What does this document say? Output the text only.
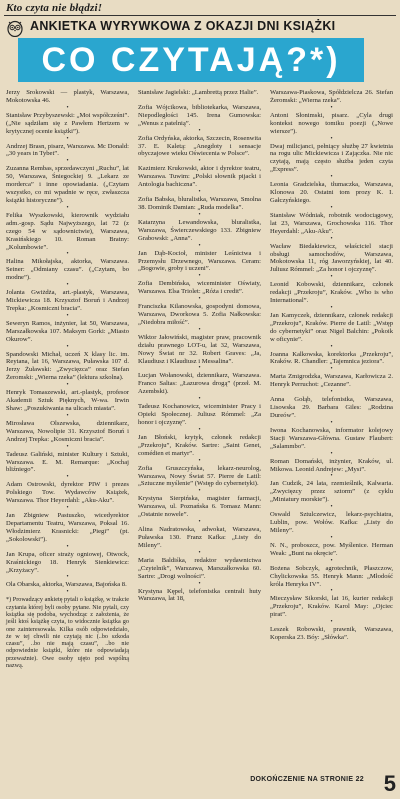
Kto czyta nie błądzi!
ANKIETKA WYRYWKOWA Z OKAZJI DNI KSIĄŻKI
CO CZYTAJĄ?*)

Jerzy Srokowski — plastyk, Warszawa, Mokotowska 46.

•

Stanisław Przybyszewski: „Moi współcześni”. („Nie sądziłam się z Pawłem Hertzem w krytycznej ocenie książki”).

•

Andrzej Brasn, pisarz, Warszawa. Mc Donald: „30 years in Tybet”.

•

Zuzanna Rembas, sprzedawczyni „Ruchu”, lat 50, Warszawa, Śniegockiej 9. „Lekarz ze morderca” i inne opowiadania. („Czytam wszystko, co mi wpadnie w ręce, zwłaszcza książki historyczne”).

•

Felika Wyszkowski, kierownik wydziału adm.-gosp. Sądu Najwyższego, lat 72 (z czego 54 w sądownictwie), Warszawa, Krasińskiego 10. Roman Bratny: „Kolumbowie”.

•

Halina Mikołajska, aktorka, Warszawa. Seiner: „Odmiany czasu”. („Czytam, bo modne”).

•

Jolanta Gwiżdża, art.-plastyk, Warszawa, Mickiewicza 18. Krzysztof Boruń i Andrzej Trepka: „Kosmiczni bracia”.

•

Seweryn Ramos, inżynier, lat 50, Warszawa, Marszałkowska 107. Maksym Gorki: „Miasto Okurow”.

•

Spandowski Michał, uczeń X klasy lic. im. Reytana, lat 16, Warszawa, Puławska 107 d. Jerzy Żuławski: „Zwycięzca” oraz Stefan Żeromski: „Wierna rzeka” (lektura szkolna).

•

Henryk Tomaszewski, art.-plastyk, profesor Akademii Sztuk Pięknych, W-wa. Irwin Shaw: „Poszukiwania na ulicach miasta”.

•

Mirosława Olszewska, dziennikarz, Warszawa, Nowolipie 31. Krzysztof Boruń i Andrzej Trepka: „Kosmiczni bracia”.

•

Tadeusz Galiński, minister Kultury i Sztuki, Warszawa. E. M. Remarque: „Kochaj bliźniego”.

•

Adam Ostrowski, dyrektor PIW i prezes Polskiego Tow. Wydawców Książek, Warszawa. Thor Heyerdahl: „Aku-Aku”.

•

Jan Zbigniew Pastuszko, wicedyrektor Departamentu Teatru, Warszawa, Poksal 16. Włodzimierz Krasnicki: „Piegi” (pt. „Sokolowski”).

•

Jan Krupa, oficer straży ogniowej, Otwock, Kraśnickiego 18. Henryk Sienkiewicz: „Krzyżacy”.

•

Ola Obarska, aktorka, Warszawa, Bajońska 8.

•

*) Prowadzący ankietę pytali o książkę, w trakcie czytania której byli osoby pytane. Nie pytali, czy książka się podoba, wychodząc z założenia, że jeśli ktoś książkę czyta, to widocznie książka go one zainteresowała. Kilka osób odpowiedziało, że w tej chwili nie czytają nic (..bo szkoda czasu”, ..bo nie mają czasu”, ..bo nie odpowiednie książki, które nie odpowiadają przeważnie). Owe osoby ujęto pod wspólną nazwą.

Stanisław Jagielski: „Lambrettą przez Halie”.

•

Zofia Wójcikowa, bibliotekarka, Warszawa, Niepodległości 145. Irena Gumowska: „Wenus z patelnią”.

•

Zofia Ordyńska, aktorka, Szczecin, Rosenwita 37. E. Kaletą: „Anegdoty i sensacje obyczajowe wieku Oświecenia w Polsce”.

•

Kazimierz Krukowski, aktor i dyrektor teatru, Warszawa. Tuwim: „Polski słownik pijacki i Antologia bachiczna”.

•

Zofia Babska, bluralistka, Warszawa, Smolna 38. Dominik Damian: „Ruda modelka”.

•

Katarzyna Lewandowska, bluralistka, Warszawa, Świerczewskiego 133. Zbigniew Grabowski: „Anna”.

•

Jan Dąb-Kocioł, minister Leśnictwa i Przemysłu Drzewnego, Warszawa. Ceram: „Bogowie, groby i uczeni”.

•

Zofia Dembińska, wiceminister Oświaty, Warszawa. Elsa Triolet: „Róża i credit”.

•

Franciszka Kilanowska, gospodyni domowa, Warszawa, Dworkowa 5. Zofia Nałkowska: „Niedobra miłość”.

•

Wiktor Jałowiński, magister praw, pracownik działu prawnego LOT-u, lat 32, Warszawa, Nowy Świat nr 32. Robert Graves: „Ja, Klaudiusz i Klaudiusz i Messalina”.

•

Lucjan Wołanowski, dziennikarz, Warszawa. Franco Saltas: „Łazurowa drogą” (przeł. M. Azembski).

•

Tadeusz Kochanowicz, wiceminister Pracy i Opieki Społecznej. Juliusz Rómmel: „Za honor i ojczyznę”.

•

Jan Błoński, krytyk, członek redakcji „Przekroju”, Kraków. Sartre: „Saint Genet, comédien et martyr”.

•

Zofia Gruszczyńska, lekarz-neurolog, Warszawa, Nowy Świat 57. Pierre de Latil: „Sztuczne myślenie” (Wstęp do cybernetyki).

•

Krystyna Sierpińska, magister farmacji, Warszawa, ul. Poznańska 6. Tomasz Mann: „Ostatnie nowele”.

•

Alina Nadratowska, adwokat, Warszawa, Puławska 130. Franz Kafka: „Listy do Mileny”.

•

Maria Baldiśka, redaktor wydawnictwa „Czytelnik”, Warszawa, Marszałkowska 60. Sartre: „Drogi wolności”.

•

Krystyna Kępel, telefonistka centrali huty Warszawa, lat 18,

Warszawa-Piaskowa, Spółdzielcza 26. Stefan Żeromski: „Wierna rzeka”.

•

Antoni Słonimski, pisarz. „Cyla drugi kontekst nowego tomiku poezji („Nowe wiersze”).

•

Dwaj milicjanci, pełniący służbę 27 kwietnia na rogu ulic Mickiewicza i Zajączka. Nie nic czytają, mają często służba jeden czyta „Express”.

•

Leonia Gradzielska, tłumaczka, Warszawa, Klonowa 20. Ostatni tom prozy K. I. Gałczyńskiego.

•

Stanisław Wódniak, robotnik wodociągowy, lat 23, Warszawa, Grochowska 116. Thor Heyerdahl: „Aku-Aku”.

•

Wacław Biedakiewicz, właściciel stacji obsługi samochodów, Warszawa, Mokotowska 11, róg Jaworzyńskiej, lat 40. Juliusz Rómmel: „Za honor i ojczyznę”.

•

Leonid Kobowski, dziennikarz, członek redakcji „Przekroju”, Kraków. „Who is who International”.

•

Jan Kamyczek, dziennikarz, członek redakcji „Przekroju”, Kraków. Pierre de Latil: „Wstęp do cybernetyki” oraz Nigel Balchin: „Pokoik w oficynie”.

•

Joanna Kalkowska, korektorka „Przekroju”, Kraków. R. Chandler: „Tajemnica jeziora”.

•

Marta Zmigrodzka, Warszawa, Karłowicza 2. Henryk Perruchot: „Cezanne”.

•

Anna Gołąb, telefonistka, Warszawa, Lisowska 29. Barbara Giles: „Rodzina Dureów”.

•

Iwona Kochanowska, informator kolejowy Stacji Warszawa-Główna. Gustaw Flaubert: „Salammbo”.

•

Roman Domański, inżynier, Kraków, ul. Mikowa. Leonid Andrejew: „Mysi”.

•

Jan Cudzik, 24 lata, rzemieślnik, Kalwaria. „Zwycięzcy przez sztorm” (z cyklu „Miniatury morskie”).

•

Oswald Sztulczewicz, lekarz-psychiatra, Lublin, pow. Wołów. Kafka: „Listy do Mileny”.

•

N. N., proboszcz, pow. Myślenice. Herman Weak: „Bunt na okręcie”.

•

Bożena Sobczyk, agrotechnik, Płaszczow, Chylickowska 55. Henryk Mann: „Młodość króla Henryka IV”.

•

Mieczysław Sikorski, lat 16, kurier redakcji „Przekroju”, Kraków. Karol May: „Ojciec pirat”.

•

Leszek Robowski, prawnik, Warszawa, Koperska 23. Bóy: „Słówka”.

DOKOŃCZENIE NA STRONIE 22 5
